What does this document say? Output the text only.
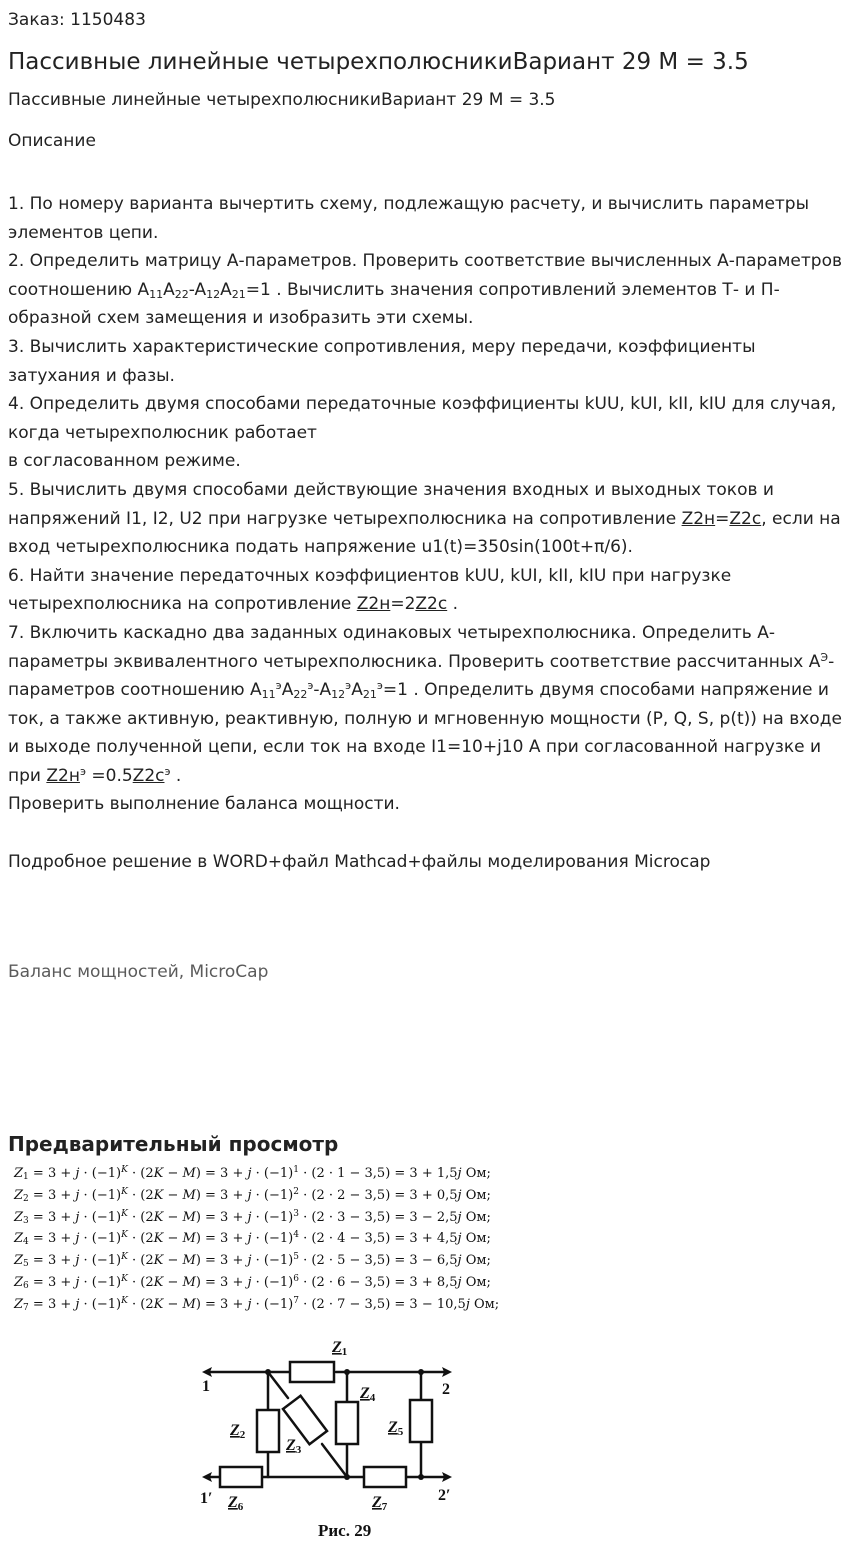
Заказ: 1150483
Пассивные линейные четырехполюсникиВариант 29 М = 3.5
Пассивные линейные четырехполюсникиВариант 29 М = 3.5
Описание

1. По номеру варианта вычертить схему, подлежащую расчету, и вычислить параметры элементов цепи.

2. Определить матрицу А-параметров. Проверить соответствие вычисленных А-параметров соотношению $A_{11}A_{22}-A_{12}A_{21}=1$ . Вычислить значения сопротивлений элементов Т- и П-образной схем замещения и изобразить эти схемы.

3. Вычислить характеристические сопротивления, меру передачи, коэффициенты затухания и фазы.

4. Определить двумя способами передаточные коэффициенты kUU, kUI, kII, kIU для случая, когда четырехполюсник работает
в согласованном режиме.

5. Вычислить двумя способами действующие значения входных и выходных токов и напряжений I1, I2, U2 при нагрузке четырехполюсника на сопротивление Z2н=Z2с, если на вход четырехполюсника подать напряжение u1(t)=350sin(100t+π/6).

6. Найти значение передаточных коэффициентов kUU, kUI, kII, kIU при нагрузке четырехполюсника на сопротивление Z2н=2Z2с .

7. Включить каскадно два заданных одинаковых четырехполюсника. Определить А-параметры эквивалентного четырехполюсника. Проверить соответствие рассчитанных $А^Э$-параметров соотношению $A_{11}^эA_{22}^э-A_{12}^эA_{21}^э=1$ . Определить двумя способами напряжение и ток, а также активную, реактивную, полную и мгновенную мощности (P, Q, S, p(t)) на входе и выходе полученной цепи, если ток на входе I1=10+j10 А при согласованной нагрузке и при $Z2н^э =0.5Z2с^э$ .
Проверить выполнение баланса мощности.

Подробное решение в WORD+файл Mathcad+файлы моделирования Microcap

Баланс мощностей, MicroCap
Предварительный просмотр
$Z_1 = 3 + j \cdot (-1)^K \cdot (2K - M) = 3 + j \cdot (-1)^1 \cdot (2 \cdot 1 - 3,5) = 3 + 1,5j$ Ом;
$Z_2 = 3 + j \cdot (-1)^K \cdot (2K - M) = 3 + j \cdot (-1)^2 \cdot (2 \cdot 2 - 3,5) = 3 + 0,5j$ Ом;
$Z_3 = 3 + j \cdot (-1)^K \cdot (2K - M) = 3 + j \cdot (-1)^3 \cdot (2 \cdot 3 - 3,5) = 3 - 2,5j$ Ом;
$Z_4 = 3 + j \cdot (-1)^K \cdot (2K - M) = 3 + j \cdot (-1)^4 \cdot (2 \cdot 4 - 3,5) = 3 + 4,5j$ Ом;
$Z_5 = 3 + j \cdot (-1)^K \cdot (2K - M) = 3 + j \cdot (-1)^5 \cdot (2 \cdot 5 - 3,5) = 3 - 6,5j$ Ом;
$Z_6 = 3 + j \cdot (-1)^K \cdot (2K - M) = 3 + j \cdot (-1)^6 \cdot (2 \cdot 6 - 3,5) = 3 + 8,5j$ Ом;
$Z_7 = 3 + j \cdot (-1)^K \cdot (2K - M) = 3 + j \cdot (-1)^7 \cdot (2 \cdot 7 - 3,5) = 3 - 10,5j$ Ом;
Z1
Z2
Z3
Z4
Z5
Z6	Z7
1	2
1′	2′
Рис. 29
